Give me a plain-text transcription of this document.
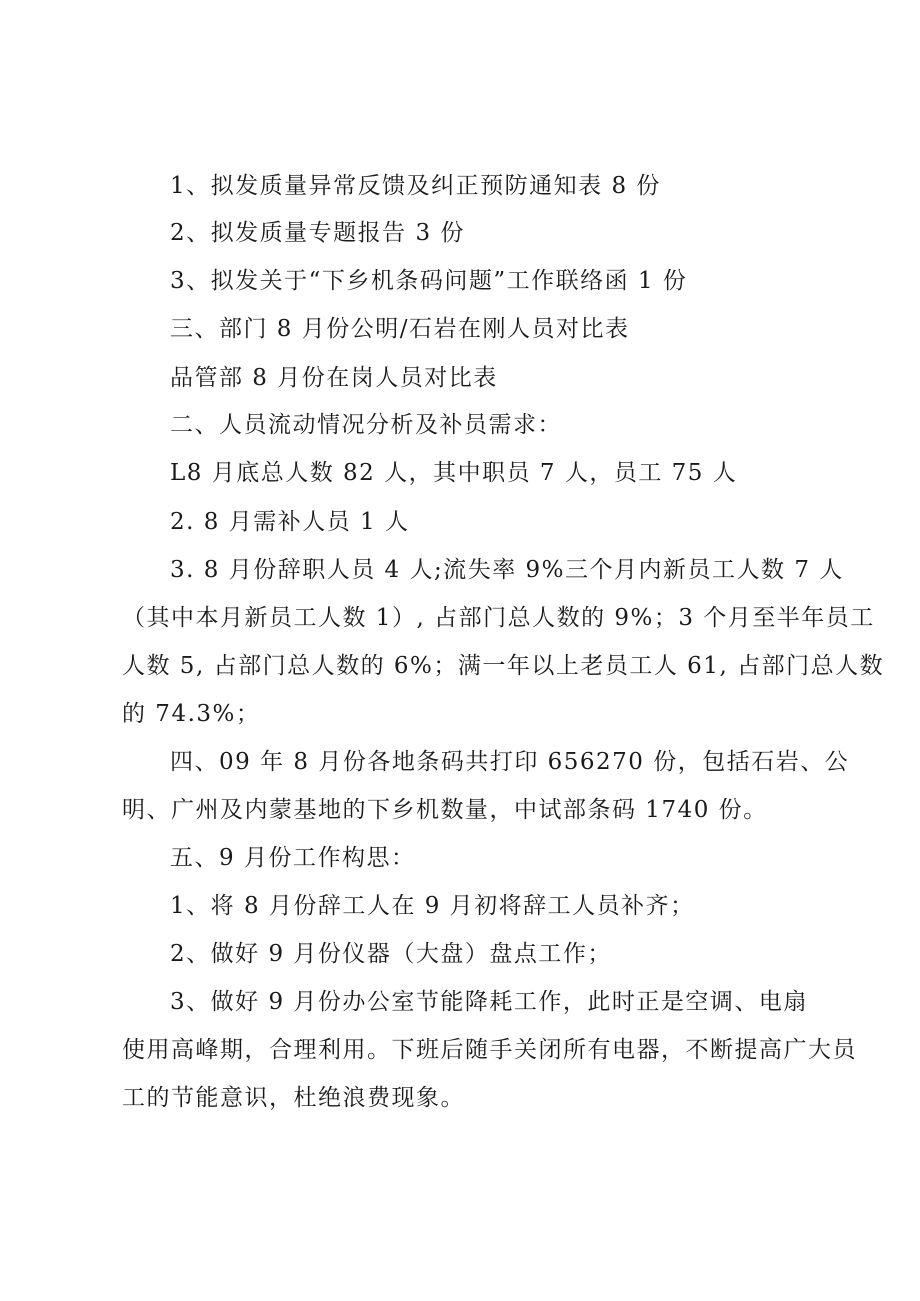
1、拟发质量异常反馈及纠正预防通知表 8 份
2、拟发质量专题报告 3 份
3、拟发关于“下乡机条码问题”工作联络函 1 份
三、部门 8 月份公明/石岩在刚人员对比表
品管部 8 月份在岗人员对比表
二、人员流动情况分析及补员需求：
L8 月底总人数 82 人，其中职员 7 人，员工 75 人
2. 8 月需补人员 1 人
3. 8 月份辞职人员 4 人;流失率 9%三个月内新员工人数 7 人
（其中本月新员工人数 1）, 占部门总人数的 9%；3 个月至半年员工
人数 5, 占部门总人数的 6%；满一年以上老员工人 61, 占部门总人数
的 74.3%；
四、09 年 8 月份各地条码共打印 656270 份，包括石岩、公
明、广州及内蒙基地的下乡机数量，中试部条码 1740 份。
五、9 月份工作构思：
1、将 8 月份辞工人在 9 月初将辞工人员补齐；
2、做好 9 月份仪器（大盘）盘点工作；
3、做好 9 月份办公室节能降耗工作，此时正是空调、电扇
使用高峰期，合理利用。下班后随手关闭所有电器，不断提高广大员
工的节能意识，杜绝浪费现象。
